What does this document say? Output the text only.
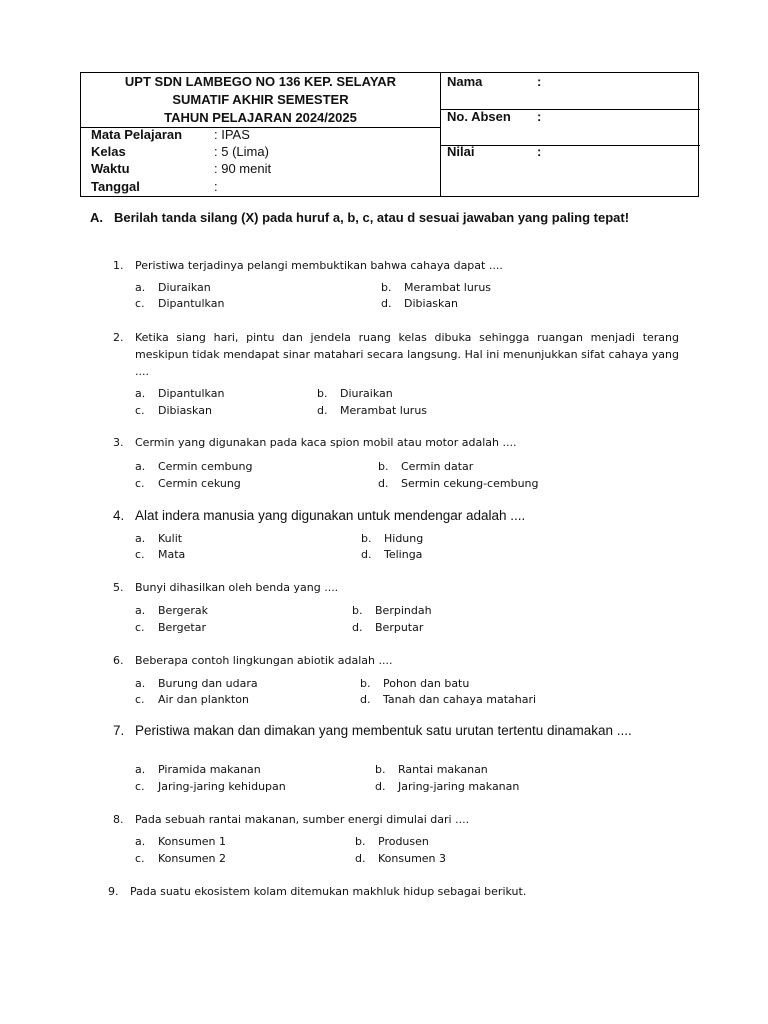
UPT SDN LAMBEGO NO 136 KEP. SELAYAR
SUMATIF AKHIR SEMESTER
TAHUN PELAJARAN 2024/2025
Mata Pelajaran : IPAS
Kelas	: 5 (Lima)
Waktu	: 90 menit
Tanggal	:
Nama	:
No. Absen :
Nilai	:
A. Berilah tanda silang (X) pada huruf a, b, c, atau d sesuai jawaban yang paling tepat!
1. Peristiwa terjadinya pelangi membuktikan bahwa cahaya dapat ....
a. Diuraikan	b. Merambat lurus
c. Dipantulkan	d. Dibiaskan
2. Ketika siang hari, pintu dan jendela ruang kelas dibuka sehingga ruangan menjadi terang meskipun tidak mendapat sinar matahari secara langsung. Hal ini menunjukkan sifat cahaya yang ....
a. Dipantulkan	b. Diuraikan
c. Dibiaskan	d. Merambat lurus
3. Cermin yang digunakan pada kaca spion mobil atau motor adalah ....
a. Cermin cembung	b. Cermin datar
c. Cermin cekung	d. Sermin cekung-cembung
4. Alat indera manusia yang digunakan untuk mendengar adalah ....
a. Kulit	b. Hidung
c. Mata	d. Telinga
5. Bunyi dihasilkan oleh benda yang ....
a. Bergerak	b. Berpindah
c. Bergetar	d. Berputar
6. Beberapa contoh lingkungan abiotik adalah ....
a. Burung dan udara	b. Pohon dan batu
c. Air dan plankton	d. Tanah dan cahaya matahari
7. Peristiwa makan dan dimakan yang membentuk satu urutan tertentu dinamakan ....
a. Piramida makanan	b. Rantai makanan
c. Jaring-jaring kehidupan	d. Jaring-jaring makanan
8. Pada sebuah rantai makanan, sumber energi dimulai dari ....
a. Konsumen 1	b. Produsen
c. Konsumen 2	d. Konsumen 3
9. Pada suatu ekosistem kolam ditemukan makhluk hidup sebagai berikut.
